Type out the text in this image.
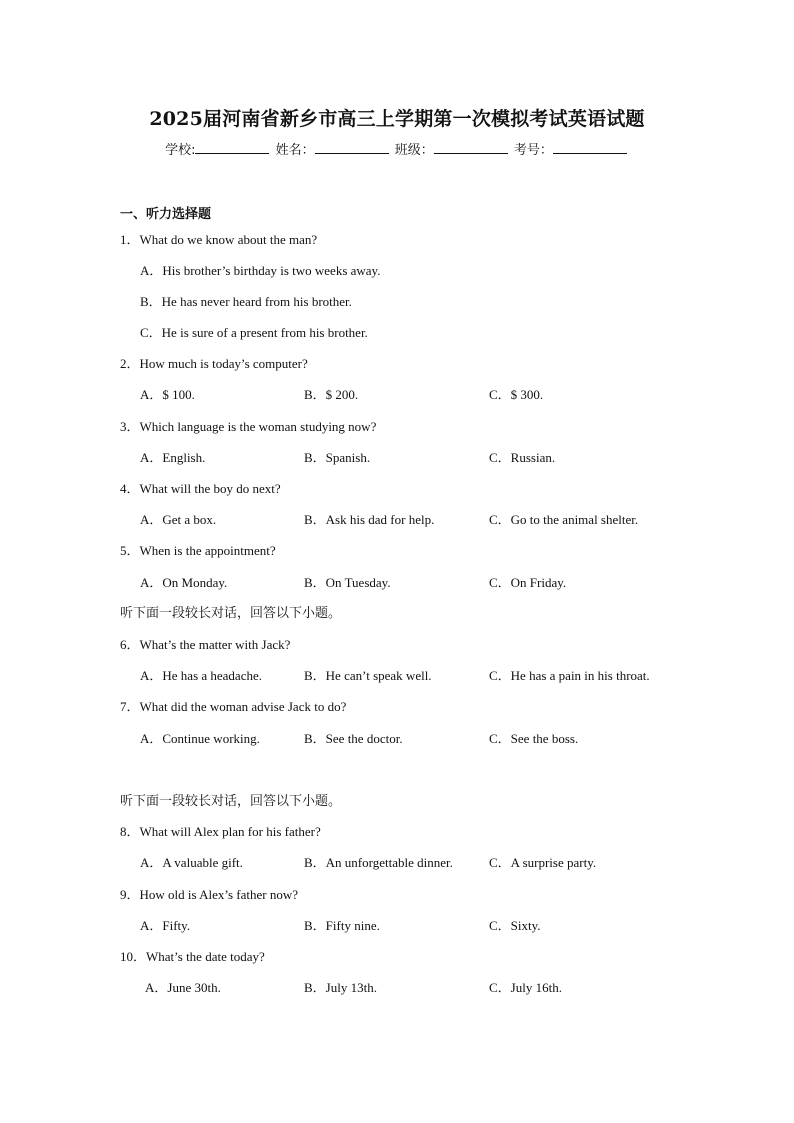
2025届河南省新乡市高三上学期第一次模拟考试英语试题
学校:	姓名：	班级：	考号：
一、听力选择题
1．What do we know about the man?
A．His brother’s birthday is two weeks away.
B．He has never heard from his brother.
C．He is sure of a present from his brother.
2．How much is today’s computer?
A．$ 100.	B．$ 200.	C．$ 300.
3．Which language is the woman studying now?
A．English.	B．Spanish.	C．Russian.
4．What will the boy do next?
A．Get a box.	B．Ask his dad for help.	C．Go to the animal shelter.
5．When is the appointment?
A．On Monday.	B．On Tuesday.	C．On Friday.
听下面一段较长对话，回答以下小题。
6．What’s the matter with Jack?
A．He has a headache.	B．He can’t speak well.	C．He has a pain in his throat.
7．What did the woman advise Jack to do?
A．Continue working.	B．See the doctor.	C．See the boss.
听下面一段较长对话，回答以下小题。
8．What will Alex plan for his father?
A．A valuable gift.	B．An unforgettable dinner.	C．A surprise party.
9．How old is Alex’s father now?
A．Fifty.	B．Fifty nine.	C．Sixty.
10．What’s the date today?
A．June 30th.	B．July 13th.	C．July 16th.
